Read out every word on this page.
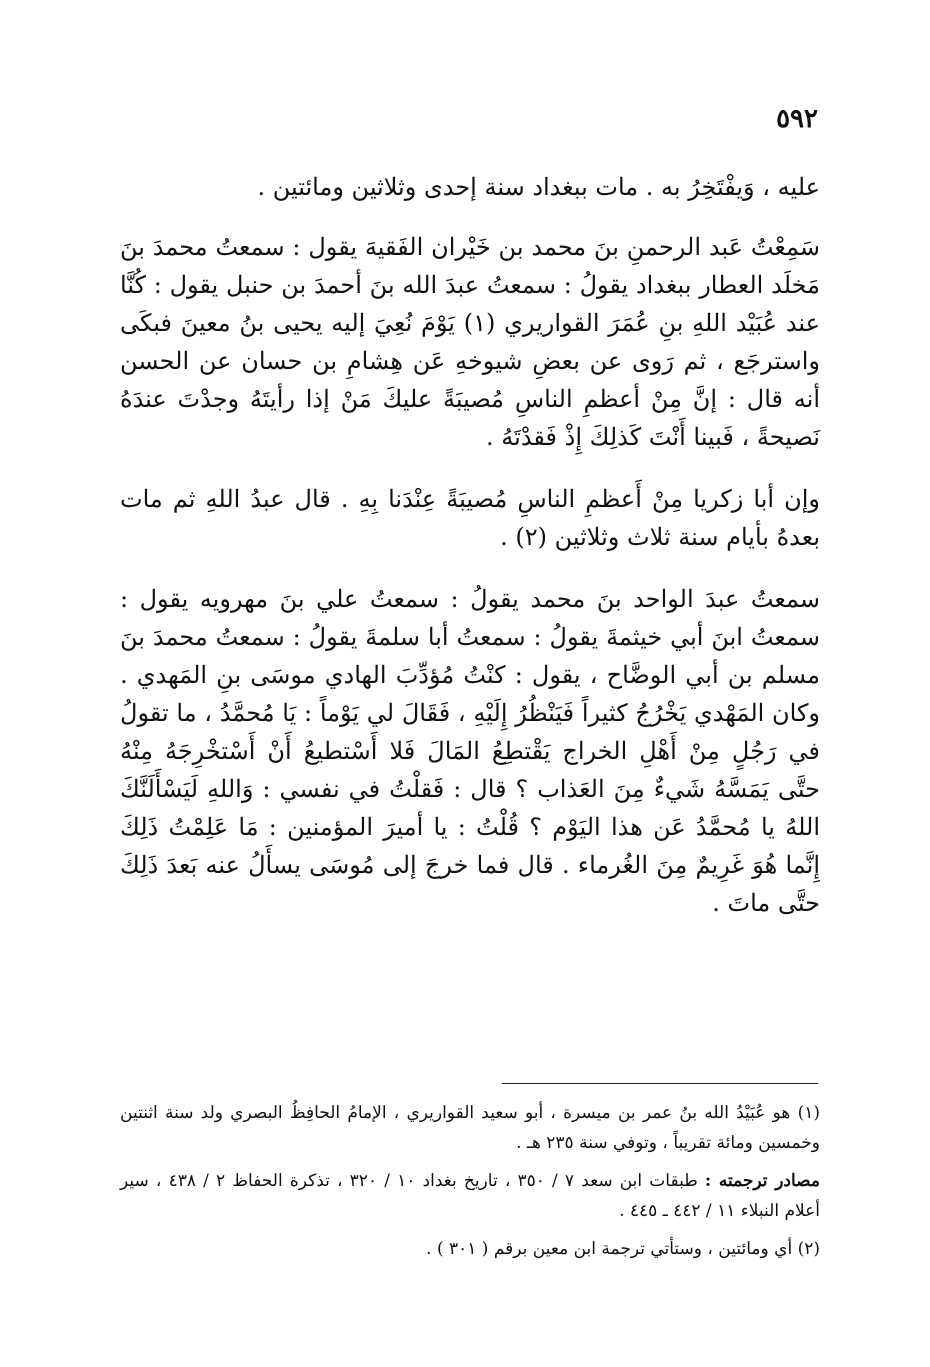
٥٩٢

عليه ، وَيفْتَخِرُ به . مات ببغداد سنة إحدى وثلاثين ومائتين .

سَمِعْتُ عَبد الرحمنِ بنَ محمد بن خَيْران الفَقيهَ يقول : سمعتُ محمدَ بنَ مَخلَد العطار ببغداد يقولُ : سمعتُ عبدَ الله بنَ أحمدَ بن حنبل يقول : كُنَّا عند عُبَيْد اللهِ بنِ عُمَرَ القواريري (١) يَوْمَ نُعِيَ إليه يحيى بنُ معينَ فبكَى واسترجَع ، ثم رَوى عن بعضِ شيوخهِ عَن هِشامِ بن حسان عن الحسن أنه قال : إنَّ مِنْ أعظمِ الناسِ مُصيبَةً عليكَ مَنْ إذا رأيتَهُ وجدْتَ عندَهُ نَصيحةً ، فَبينا أَنْتَ كَذلِكَ إِذْ فَقدْتَهُ .

وإن أبا زكريا مِنْ أَعظمِ الناسِ مُصيبَةً عِنْدَنا بِهِ . قال عبدُ اللهِ ثم مات بعدهُ بأيام سنة ثلاث وثلاثين (٢) .

سمعتُ عبدَ الواحد بنَ محمد يقولُ : سمعتُ علي بنَ مهرويه يقول : سمعتُ ابنَ أبي خيثمةَ يقولُ : سمعتُ أبا سلمةَ يقولُ : سمعتُ محمدَ بنَ مسلم بن أبي الوضَّاح ، يقول : كنْتُ مُؤدِّبَ الهادي موسَى بنِ المَهدي . وكان المَهْدي يَخْرُجُ كثيراً فَيَنْظُرُ إِلَيْهِ ، فَقَالَ لي يَوْماً : يَا مُحمَّدُ ، ما تقولُ في رَجُلٍ مِنْ أَهْلِ الخراج يَقْتطِعُ المَالَ فَلا أَسْتطيعُ أَنْ أَسْتخْرِجَهُ مِنْهُ حتَّى يَمَسَّهُ شَيءٌ مِنَ العَذاب ؟ قال : فَقلْتُ في نفسي : وَاللهِ لَيَسْأَلَنَّكَ اللهُ يا مُحمَّدُ عَن هذا اليَوْم ؟ قُلْتُ : يا أميرَ المؤمنين : مَا عَلِمْتُ ذَلِكَ إِنَّما هُوَ غَرِيمٌ مِنَ الغُرماء . قال فما خرجَ إلى مُوسَى يسأَلُ عنه بَعدَ ذَلِكَ حتَّى ماتَ .

(١) هو عُبَيْدُ الله بنُ عمر بن ميسرة ، أبو سعيد القواريري ، الإمامُ الحافِظُ البصري ولد سنة اثنتين وخمسين ومائة تقريباً ، وتوفي سنة ٢٣٥ هـ .

مصادر ترجمته : طبقات ابن سعد ٧ / ٣٥٠ ، تاريخ بغداد ١٠ / ٣٢٠ ، تذكرة الحفاظ ٢ / ٤٣٨ ، سير أعلام النبلاء ١١ / ٤٤٢ ـ ٤٤٥ .

(٢) أي ومائتين ، وستأتي ترجمة ابن معين برقم ( ٣٠١ ) .
